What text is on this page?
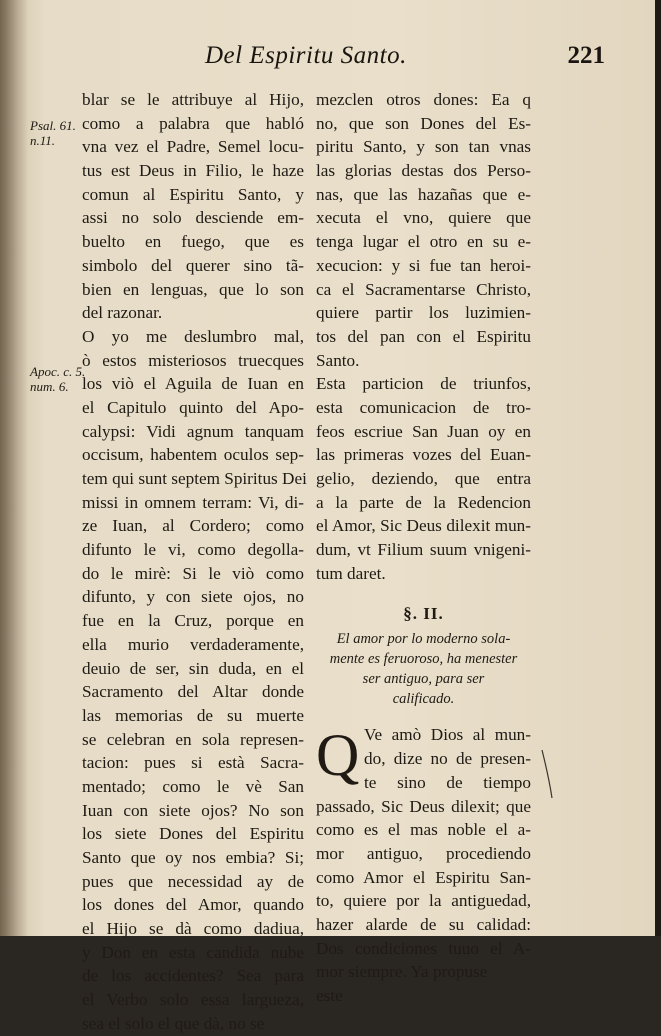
Del Espiritu Santo.	221
Psal. 61.
n.11.
Apoc. c. 5.
num. 6.
blar se le attribuye al Hijo,
como a palabra que habló
vna vez el Padre, Semel locu-
tus est Deus in Filio, le haze
comun al Espiritu Santo, y
assi no solo desciende em-
buelto en fuego, que es
simbolo del querer sino tã-
bien en lenguas, que lo son
del razonar.
O yo me deslumbro mal,
ò estos misteriosos truecques
los viò el Aguila de Iuan en
el Capitulo quinto del Apo-
calypsi: Vidi agnum tanquam
occisum, habentem oculos sep-
tem qui sunt septem Spiritus Dei
missi in omnem terram: Vi, di-
ze Iuan, al Cordero; como
difunto le vi, como degolla-
do le mirè: Si le viò como
difunto, y con siete ojos, no
fue en la Cruz, porque en
ella murio verdaderamente,
deuio de ser, sin duda, en el
Sacramento del Altar donde
las memorias de su muerte
se celebran en sola represen-
tacion: pues si està Sacra-
mentado; como le vè San
Iuan con siete ojos? No son
los siete Dones del Espiritu
Santo que oy nos embia? Si;
pues que necessidad ay de
los dones del Amor, quando
el Hijo se dà como dadiua,
y Don en esta candida nube
de los accidentes? Sea para
el Verbo solo essa largueza,
sea el solo el que dà, no se
mezclen otros dones: Ea q
no, que son Dones del Es-
piritu Santo, y son tan vnas
las glorias destas dos Perso-
nas, que las hazañas que e-
xecuta el vno, quiere que
tenga lugar el otro en su e-
xecucion: y si fue tan heroi-
ca el Sacramentarse Christo,
quiere partir los luzimien-
tos del pan con el Espiritu
Santo.
Esta particion de triunfos,
esta comunicacion de tro-
feos escriue San Juan oy en
las primeras vozes del Euan-
gelio, deziendo, que entra
a la parte de la Redencion
el Amor, Sic Deus dilexit mun-
dum, vt Filium suum vnigeni-
tum daret.
§. II.
El amor por lo moderno sola-
mente es feruoroso, ha menester
ser antiguo, para ser
calificado.
Q Ve amò Dios al mun-
do, dize no de presen-
te sino de tiempo
passado, Sic Deus dilexit; que
como es el mas noble el a-
mor antiguo, procediendo
como Amor el Espiritu San-
to, quiere por la antiguedad,
hazer alarde de su calidad:
Dos condiciones tuuo el A-
mor siempre. Ya propuse
este
